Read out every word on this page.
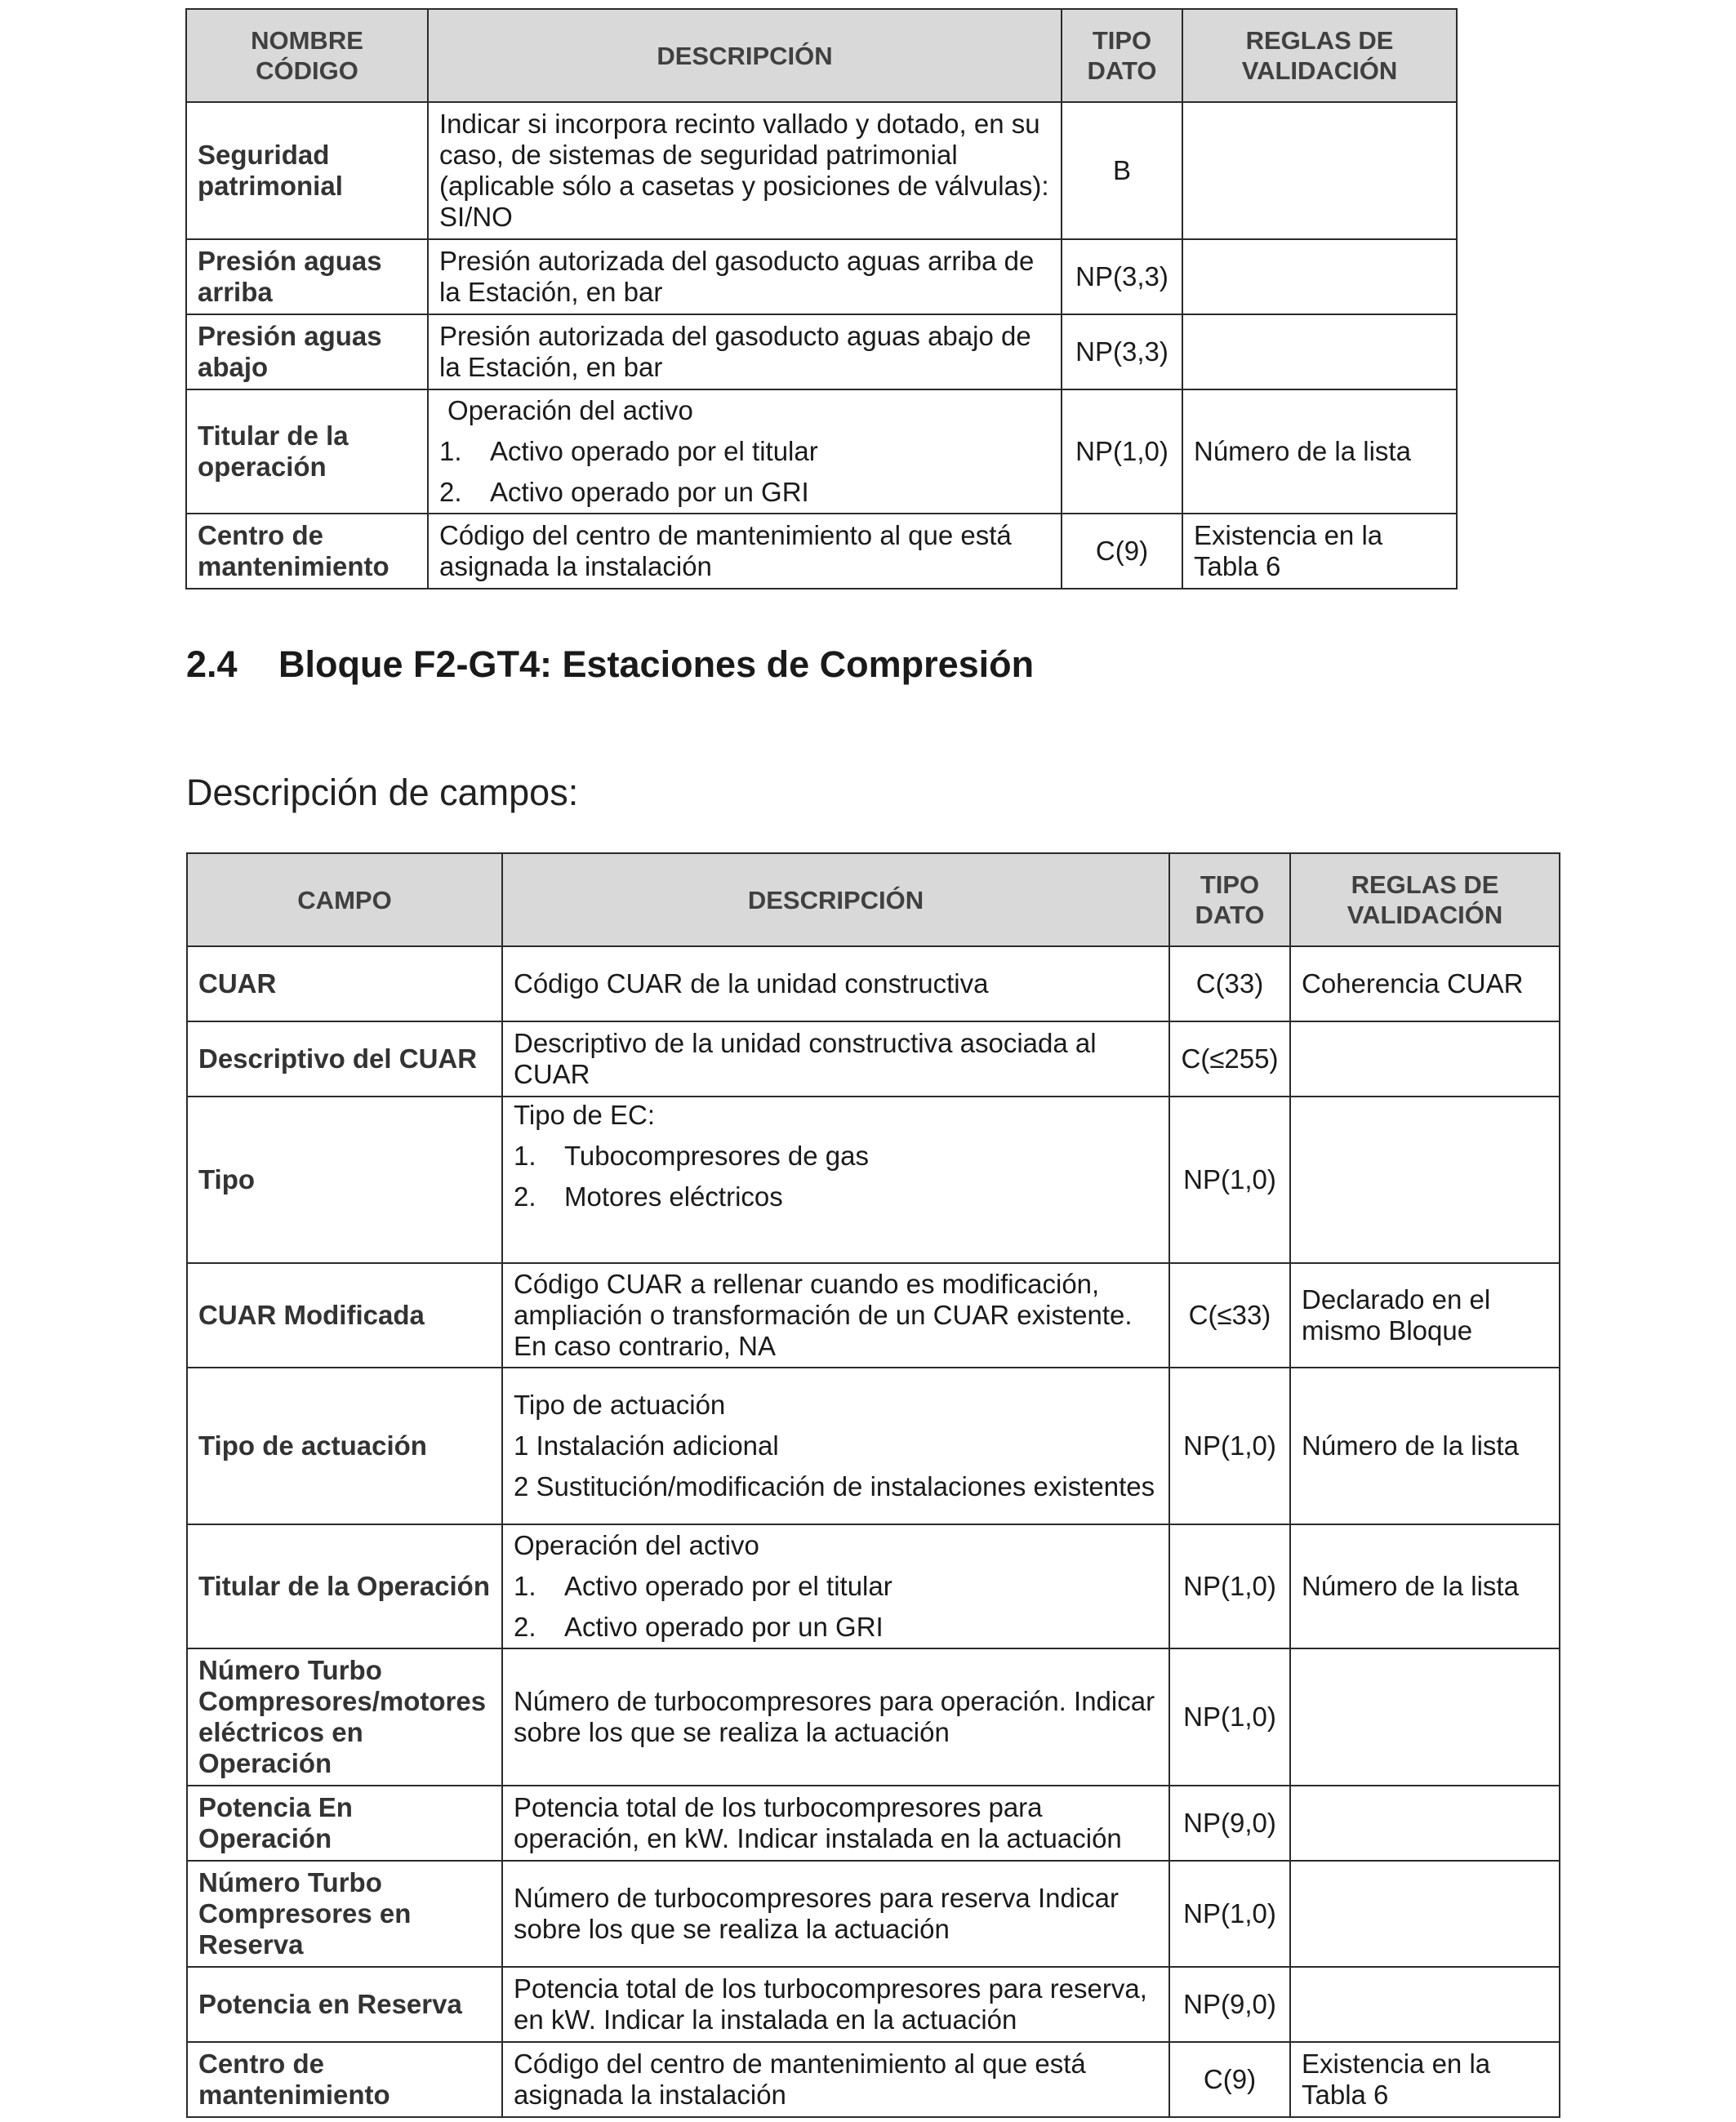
NOMBRE CÓDIGO	DESCRIPCIÓN	TIPO DATO	REGLAS DE VALIDACIÓN
Seguridad patrimonial	Indicar si incorpora recinto vallado y dotado, en su caso, de sistemas de seguridad patrimonial (aplicable sólo a casetas y posiciones de válvulas): SI/NO	B	
Presión aguas arriba	Presión autorizada del gasoducto aguas arriba de la Estación, en bar	NP(3,3)	
Presión aguas abajo	Presión autorizada del gasoducto aguas abajo de la Estación, en bar	NP(3,3)	
Titular de la operación	Operación del activo
1. Activo operado por el titular
2. Activo operado por un GRI	NP(1,0)	Número de la lista
Centro de mantenimiento	Código del centro de mantenimiento al que está asignada la instalación	C(9)	Existencia en la Tabla 6
2.4 Bloque F2-GT4: Estaciones de Compresión

Descripción de campos:

CAMPO	DESCRIPCIÓN	TIPO DATO	REGLAS DE VALIDACIÓN
CUAR	Código CUAR de la unidad constructiva	C(33)	Coherencia CUAR
Descriptivo del CUAR	Descriptivo de la unidad constructiva asociada al CUAR	C(≤255)	
Tipo	Tipo de EC:
1. Tubocompresores de gas
2. Motores eléctricos	NP(1,0)	
CUAR Modificada	Código CUAR a rellenar cuando es modificación, ampliación o transformación de un CUAR existente. En caso contrario, NA	C(≤33)	Declarado en el mismo Bloque
Tipo de actuación	Tipo de actuación
1 Instalación adicional
2 Sustitución/modificación de instalaciones existentes	NP(1,0)	Número de la lista
Titular de la Operación	Operación del activo
1. Activo operado por el titular
2. Activo operado por un GRI	NP(1,0)	Número de la lista
Número Turbo Compresores/motores eléctricos en Operación	Número de turbocompresores para operación. Indicar sobre los que se realiza la actuación	NP(1,0)	
Potencia En Operación	Potencia total de los turbocompresores para operación, en kW. Indicar instalada en la actuación	NP(9,0)	
Número Turbo Compresores en Reserva	Número de turbocompresores para reserva Indicar sobre los que se realiza la actuación	NP(1,0)	
Potencia en Reserva	Potencia total de los turbocompresores para reserva, en kW. Indicar la instalada en la actuación	NP(9,0)	
Centro de mantenimiento	Código del centro de mantenimiento al que está asignada la instalación	C(9)	Existencia en la Tabla 6
